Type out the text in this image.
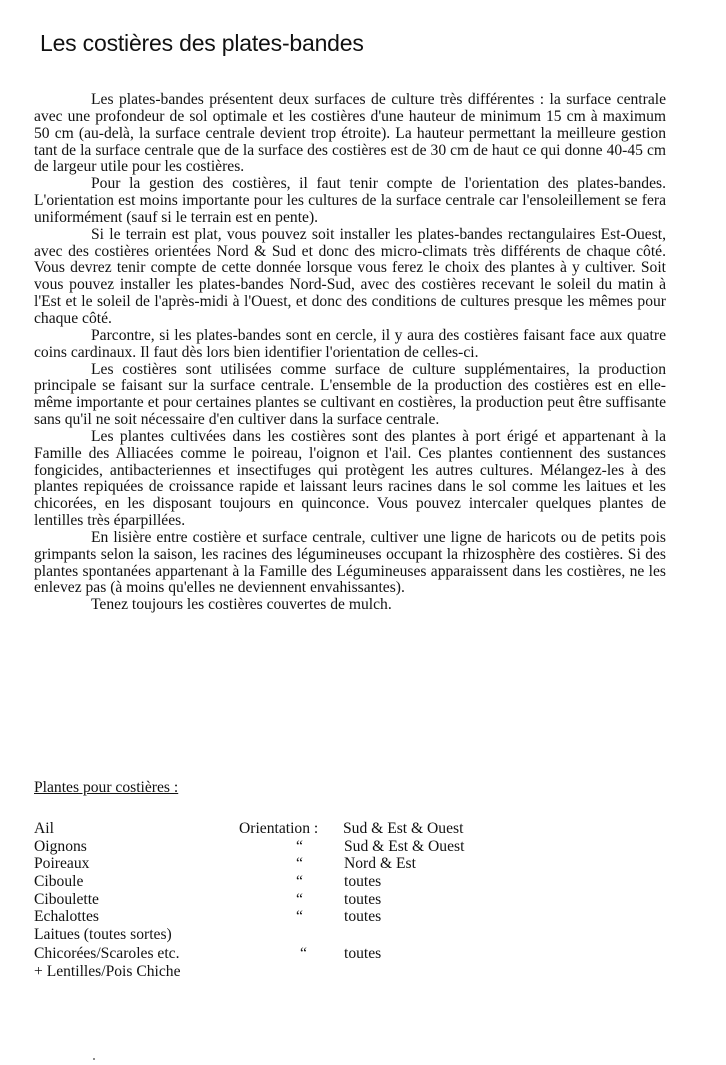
Les costières des plates-bandes

Les plates-bandes présentent deux surfaces de culture très différentes : la surface centrale avec une profondeur de sol optimale et les costières d'une hauteur de minimum 15 cm à maximum 50 cm (au-delà, la surface centrale devient trop étroite). La hauteur permettant la meilleure gestion tant de la surface centrale que de la surface des costières est de 30 cm de haut ce qui donne 40-45 cm de largeur utile pour les costières.

Pour la gestion des costières, il faut tenir compte de l'orientation des plates-bandes. L'orientation est moins importante pour les cultures de la surface centrale car l'ensoleillement se fera uniformément (sauf si le terrain est en pente).

Si le terrain est plat, vous pouvez soit installer les plates-bandes rectangulaires Est-Ouest, avec des costières orientées Nord & Sud et donc des micro-climats très différents de chaque côté. Vous devrez tenir compte de cette donnée lorsque vous ferez le choix des plantes à y cultiver. Soit vous pouvez installer les plates-bandes Nord-Sud, avec des costières recevant le soleil du matin à l'Est et le soleil de l'après-midi à l'Ouest, et donc des conditions de cultures presque les mêmes pour chaque côté.

Parcontre, si les plates-bandes sont en cercle, il y aura des costières faisant face aux quatre coins cardinaux. Il faut dès lors bien identifier l'orientation de celles-ci.

Les costières sont utilisées comme surface de culture supplémentaires, la production principale se faisant sur la surface centrale. L'ensemble de la production des costières est en elle-même importante et pour certaines plantes se cultivant en costières, la production peut être suffisante sans qu'il ne soit nécessaire d'en cultiver dans la surface centrale.

Les plantes cultivées dans les costières sont des plantes à port érigé et appartenant à la Famille des Alliacées comme le poireau, l'oignon et l'ail. Ces plantes contiennent des sustances fongicides, antibacteriennes et insectifuges qui protègent les autres cultures. Mélangez-les à des plantes repiquées de croissance rapide et laissant leurs racines dans le sol comme les laitues et les chicorées, en les disposant toujours en quinconce. Vous pouvez intercaler quelques plantes de lentilles très éparpillées.

En lisière entre costière et surface centrale, cultiver une ligne de haricots ou de petits pois grimpants selon la saison, les racines des légumineuses occupant la rhizosphère des costières. Si des plantes spontanées appartenant à la Famille des Légumineuses apparaissent dans les costières, ne les enlevez pas (à moins qu'elles ne deviennent envahissantes).

Tenez toujours les costières couvertes de mulch.

Plantes pour costières :
Ail	Orientation : Sud & Est & Ouest
Oignons	“	Sud & Est & Ouest
Poireaux	“	Nord & Est
Ciboule	“	toutes
Ciboulette	“	toutes
Echalottes	“	toutes
Laitues (toutes sortes)
Chicorées/Scaroles etc.	“ toutes
+ Lentilles/Pois Chiche
